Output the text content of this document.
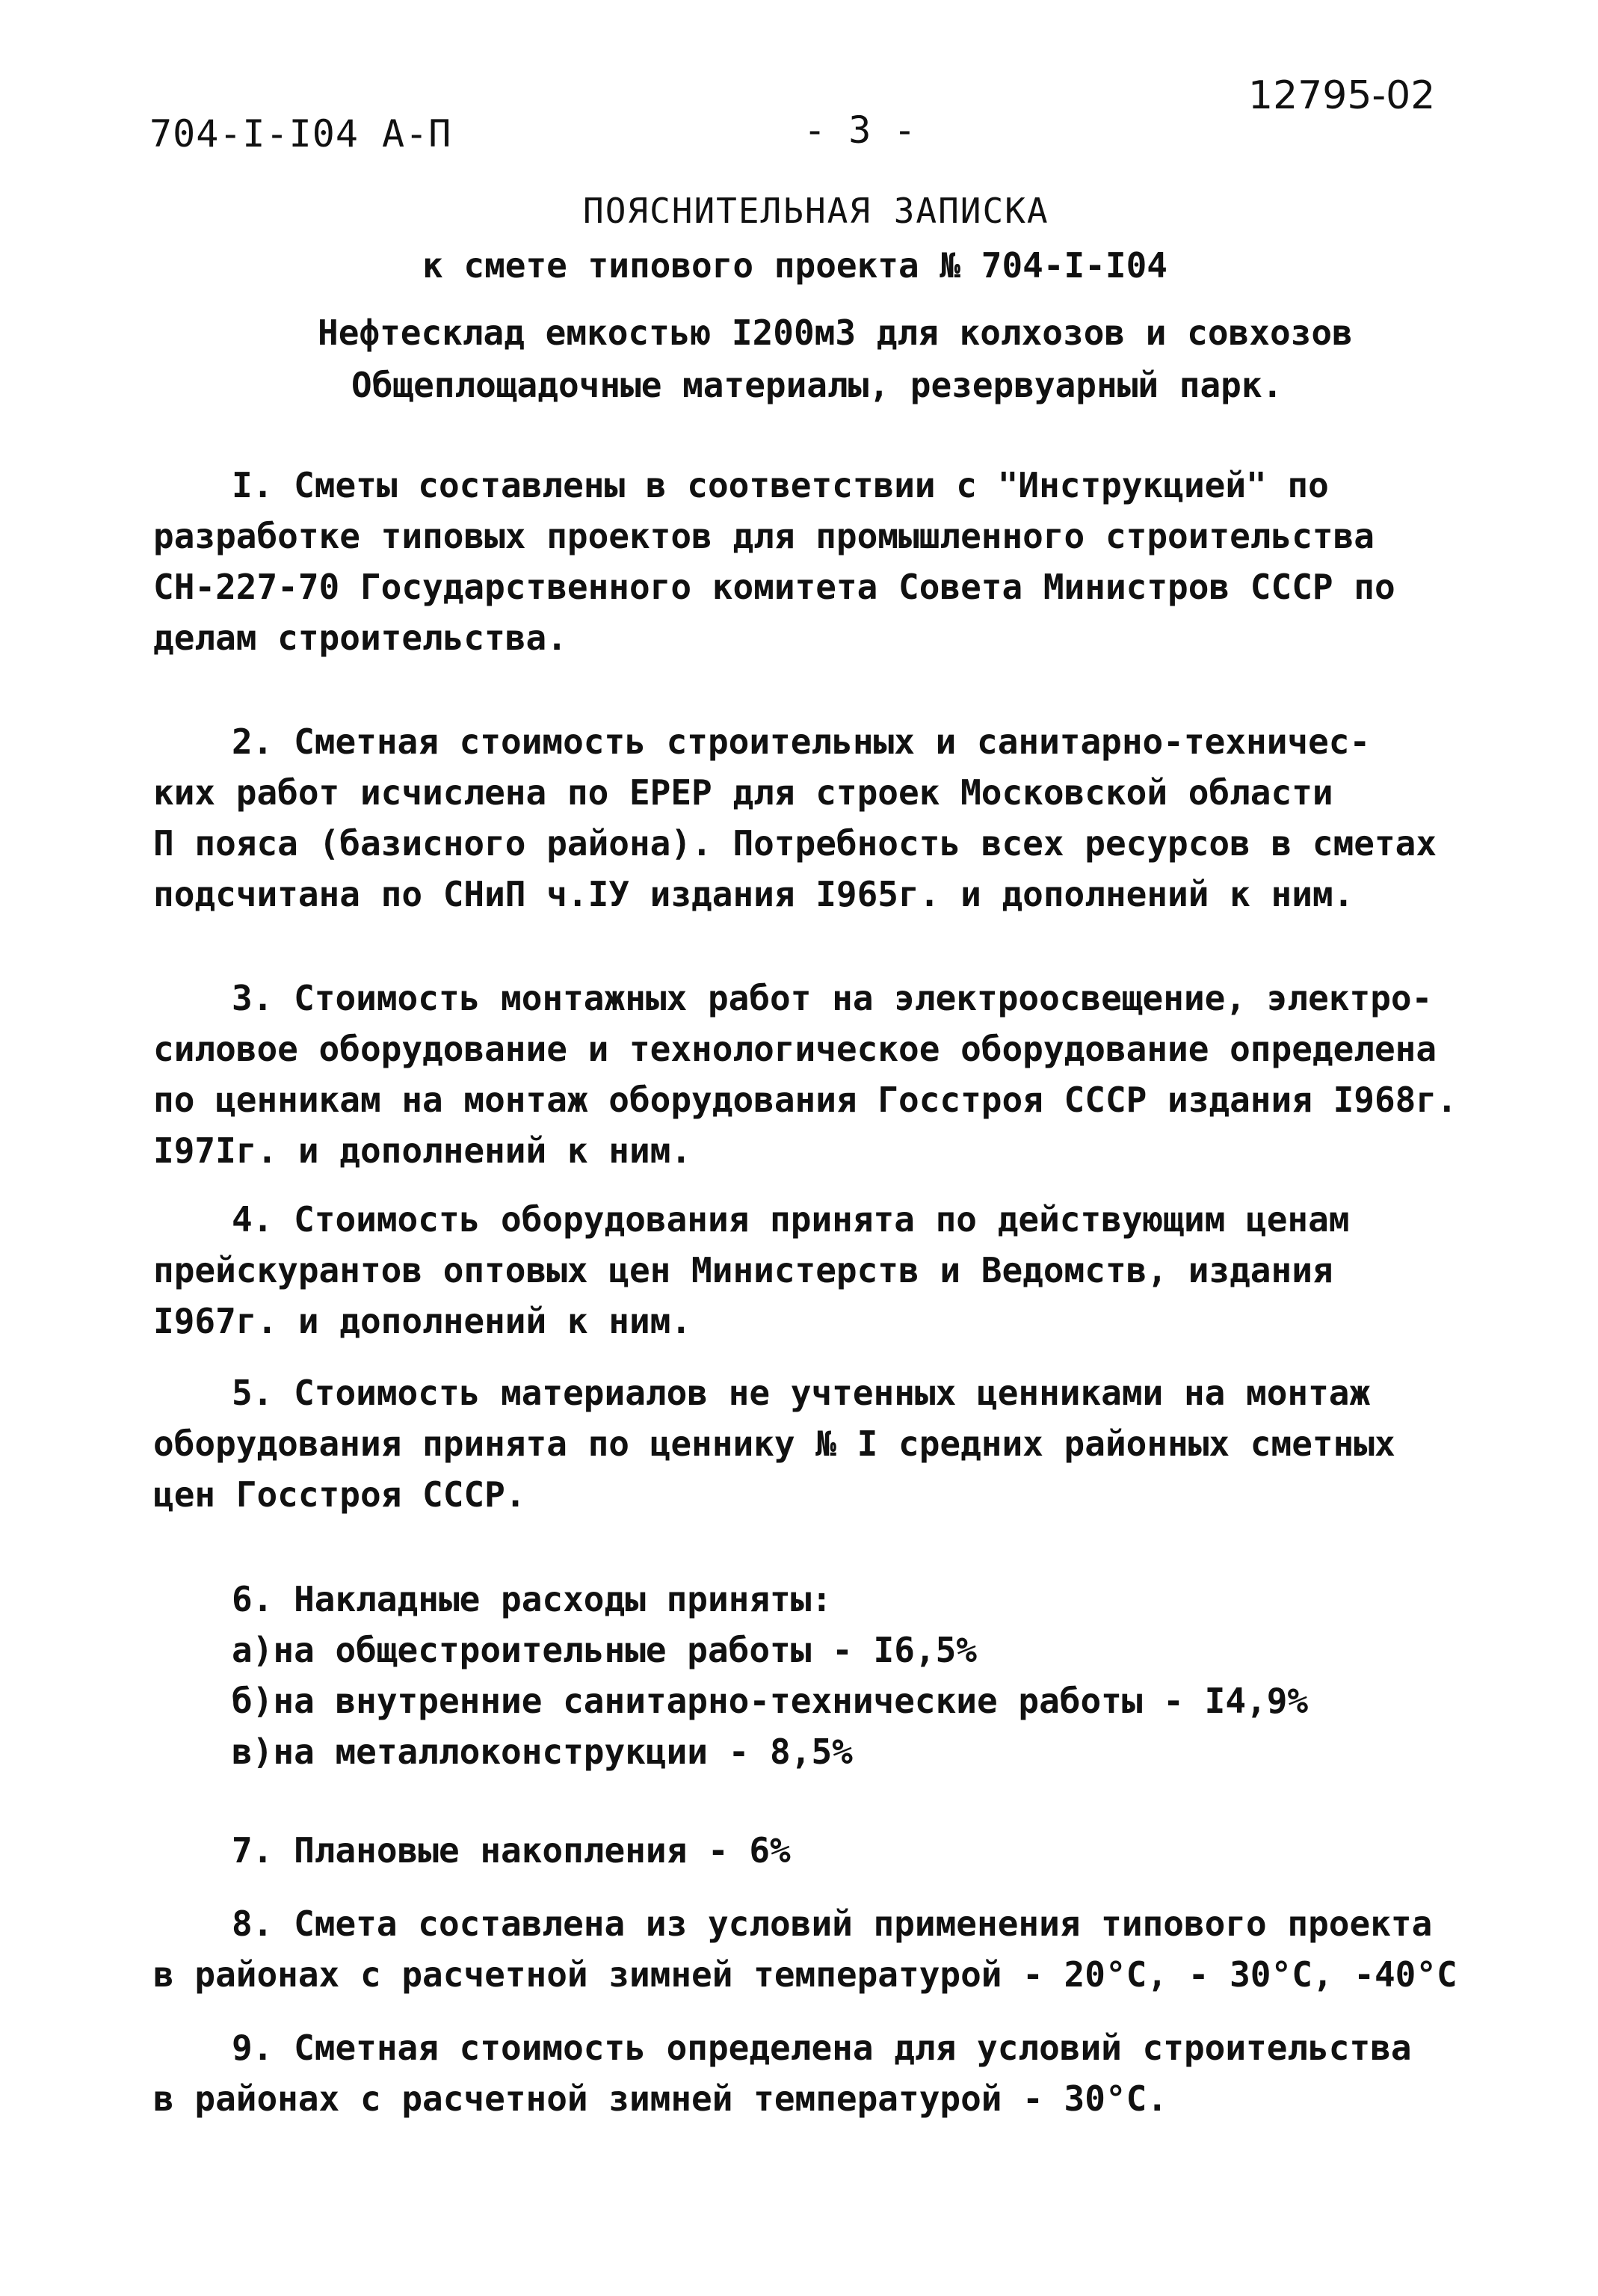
704-I-I04 А-П	- 3 -
12795-02
ПОЯСНИТЕЛЬНАЯ ЗАПИСКА
к смете типового проекта № 704-I-I04
Нефтесклад емкостью I200м3 для колхозов и совхозов
Общеплощадочные материалы, резервуарный парк.
I. Сметы составлены в соответствии с "Инструкцией" по
разработке типовых проектов для промышленного строительства
СН-227-70 Государственного комитета Совета Министров СССР по
делам строительства.
2. Сметная стоимость строительных и санитарно-техничес-
ких работ исчислена по ЕРЕР для строек Московской области
П пояса (базисного района). Потребность всех ресурсов в сметах
подсчитана по СНиП ч.IУ издания I965г. и дополнений к ним.
3. Стоимость монтажных работ на электроосвещение, электро-
силовое оборудование и технологическое оборудование определена
по ценникам на монтаж оборудования Госстроя СССР издания I968г.
I97Iг. и дополнений к ним.
4. Стоимость оборудования принята по действующим ценам
прейскурантов оптовых цен Министерств и Ведомств, издания
I967г. и дополнений к ним.
5. Стоимость материалов не учтенных ценниками на монтаж
оборудования принята по ценнику № I средних районных сметных
цен Госстроя СССР.
6. Накладные расходы приняты:
а)на общестроительные работы - I6,5%
б)на внутренние санитарно-технические работы - I4,9%
в)на металлоконструкции - 8,5%
7. Плановые накопления - 6%
8. Смета составлена из условий применения типового проекта
в районах с расчетной зимней температурой - 20°С, - 30°С, -40°С
9. Сметная стоимость определена для условий строительства
в районах с расчетной зимней температурой - 30°С.
